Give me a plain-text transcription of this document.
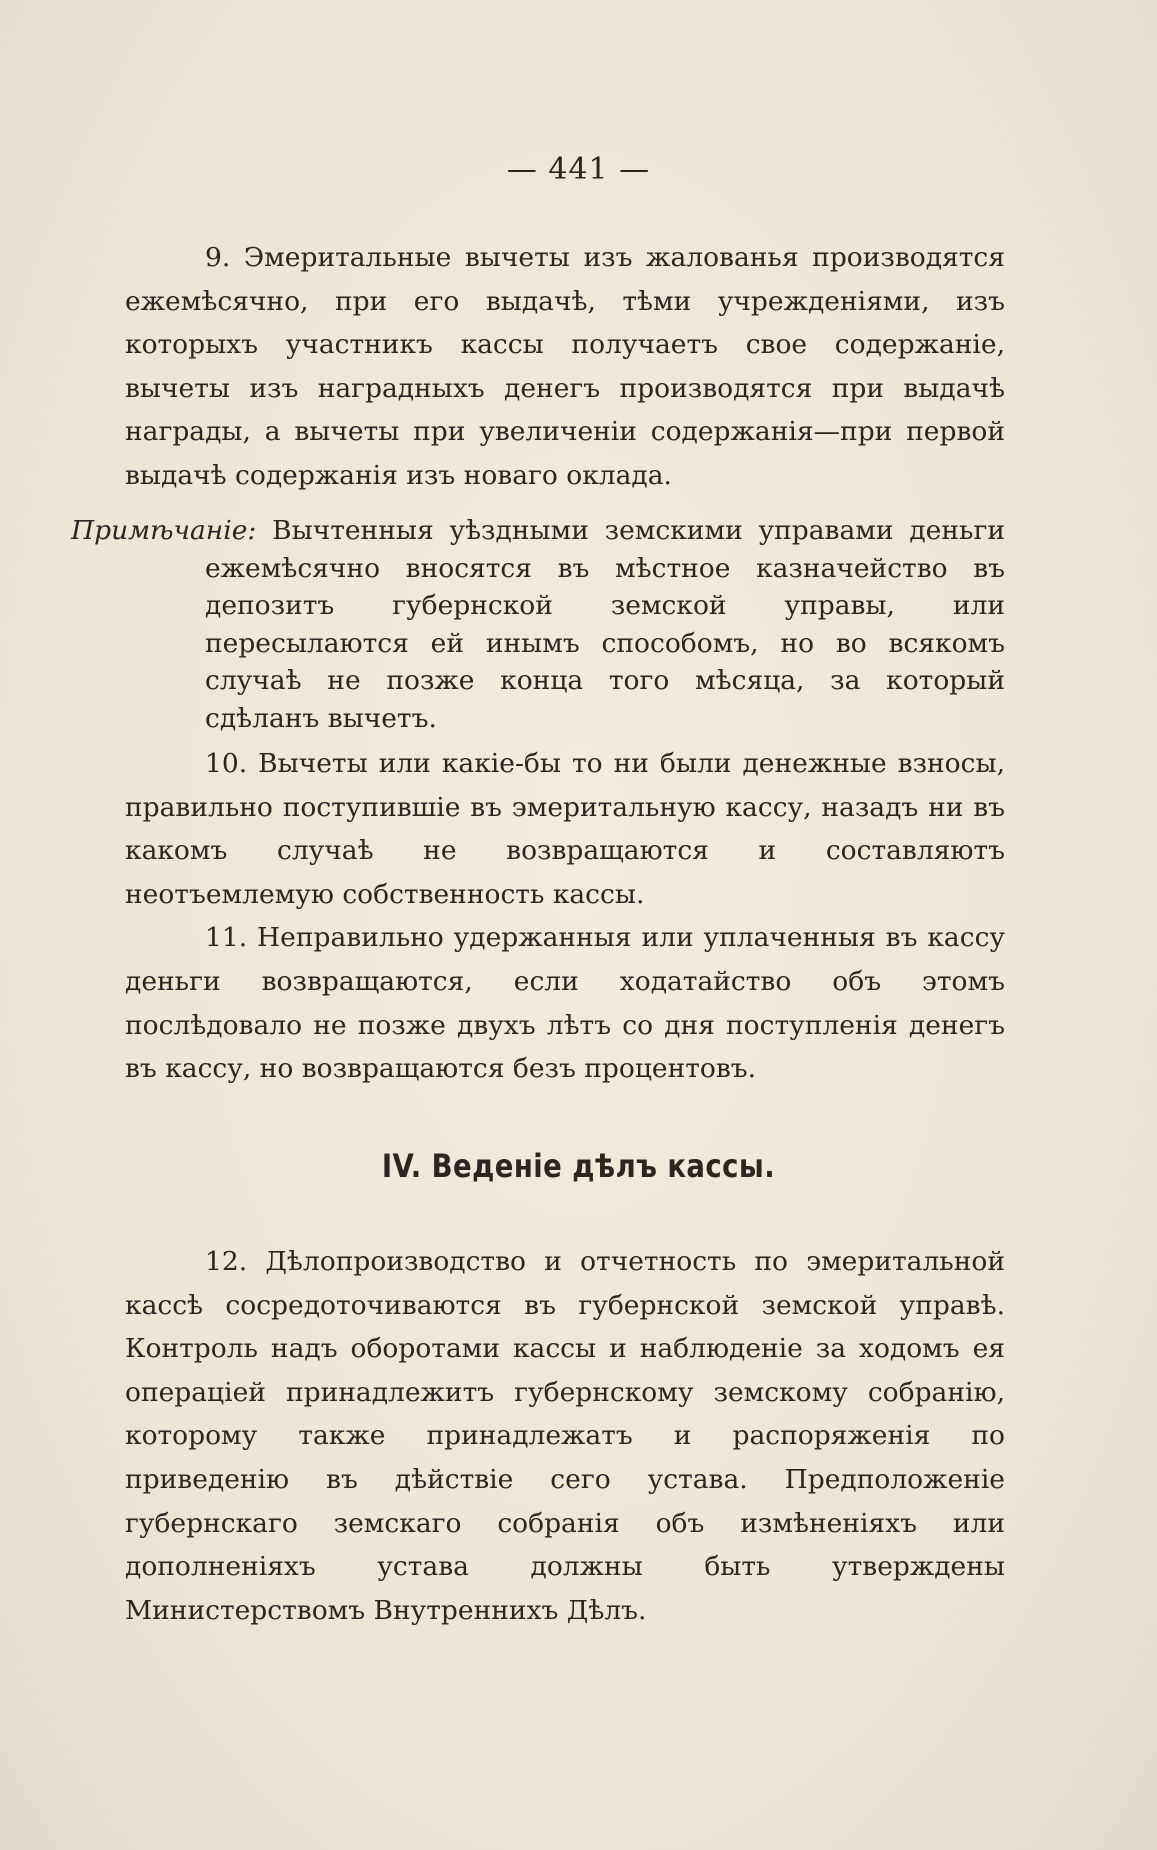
— 441 —

9. Эмеритальные вычеты изъ жалованья производятся ежемѣсячно, при его выдачѣ, тѣми учрежденіями, изъ которыхъ участникъ кассы получаетъ свое содержаніе, вычеты изъ наградныхъ денегъ производятся при выдачѣ награды, а вычеты при увеличеніи содержанія—при первой выдачѣ содержанія изъ новаго оклада.

Примѣчаніе: Вычтенныя уѣздными земскими управами деньги ежемѣсячно вносятся въ мѣстное казначейство въ депозитъ губернской земской управы, или пересылаются ей инымъ способомъ, но во всякомъ случаѣ не позже конца того мѣсяца, за который сдѣланъ вычетъ.

10. Вычеты или какіе-бы то ни были денежные взносы, правильно поступившіе въ эмеритальную кассу, назадъ ни въ какомъ случаѣ не возвращаются и составляютъ неотъемлемую собственность кассы.

11. Неправильно удержанныя или уплаченныя въ кассу деньги возвращаются, если ходатайство объ этомъ послѣдовало не позже двухъ лѣтъ со дня поступленія денегъ въ кассу, но возвращаются безъ процентовъ.

IV. Веденіе дѣлъ кассы.

12. Дѣлопроизводство и отчетность по эмеритальной кассѣ сосредоточиваются въ губернской земской управѣ. Контроль надъ оборотами кассы и наблюденіе за ходомъ ея операціей принадлежитъ губернскому земскому собранію, которому также принадлежатъ и распоряженія по приведенію въ дѣйствіе сего устава. Предположеніе губернскаго земскаго собранія объ измѣненіяхъ или дополненіяхъ устава должны быть утверждены Министерствомъ Внутреннихъ Дѣлъ.
